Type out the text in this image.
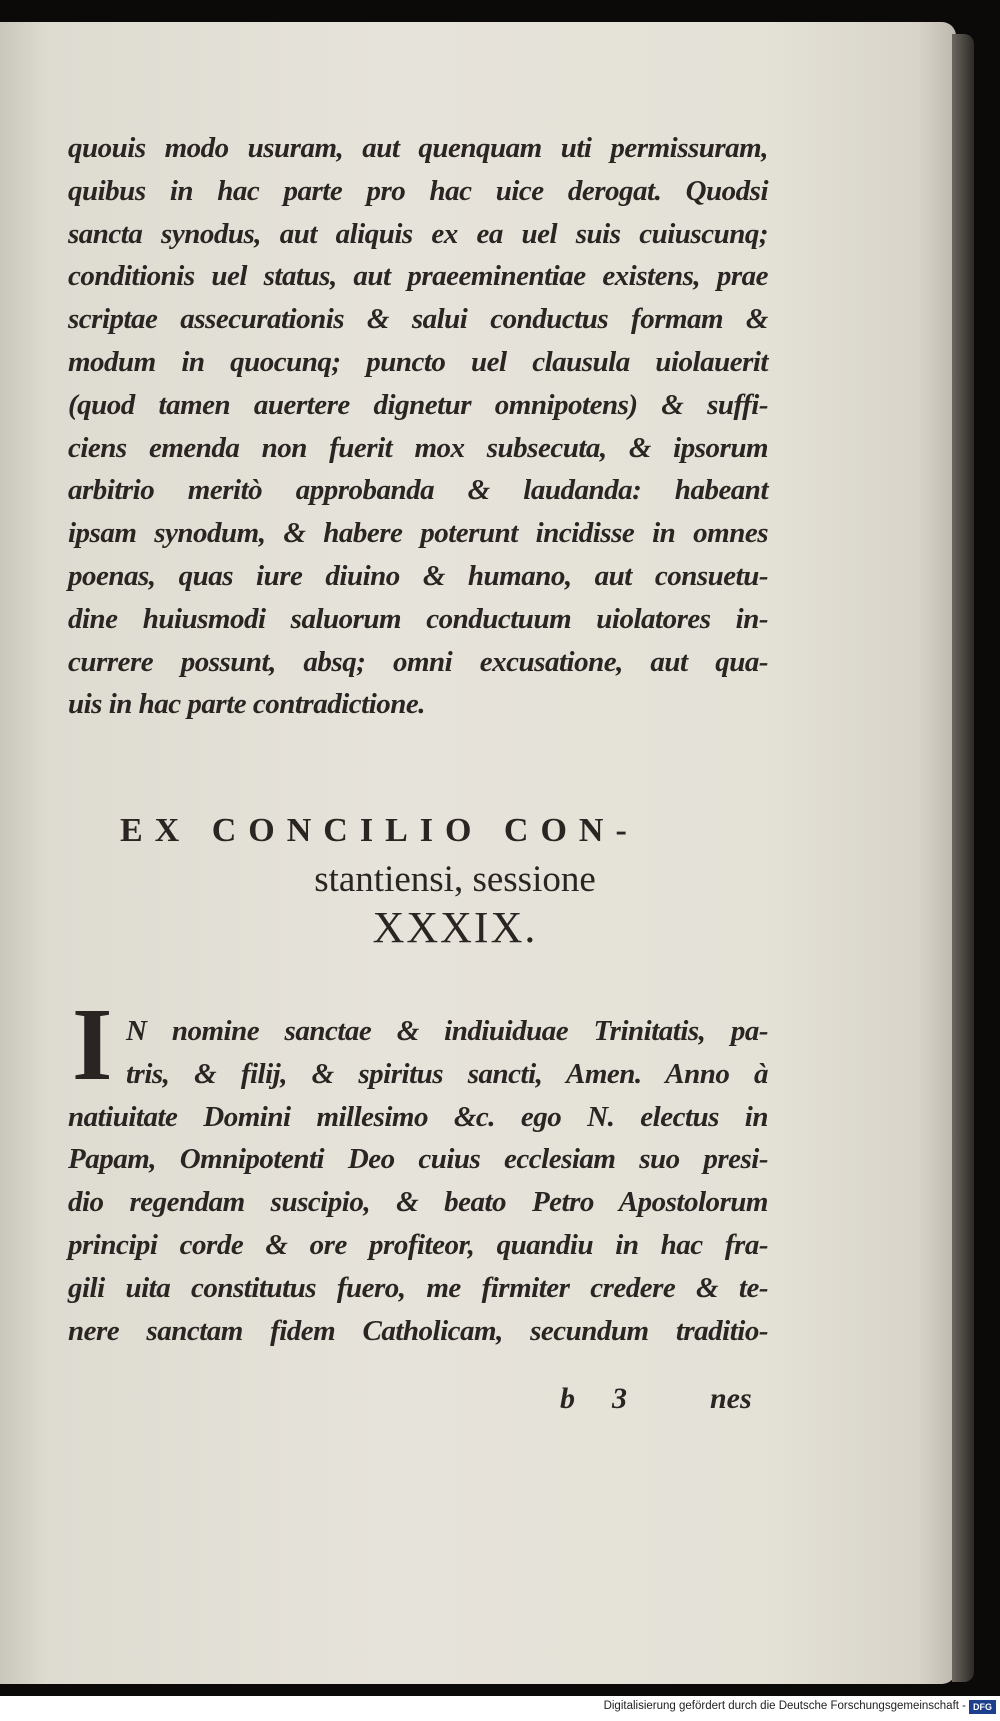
quouis modo usuram, aut quenquam uti permissuram,
quibus in hac parte pro hac uice derogat. Quodsi
sancta synodus, aut aliquis ex ea uel suis cuiuscunq;
conditionis uel status, aut praeeminentiae existens, prae
scriptae assecurationis & salui conductus formam &
modum in quocunq; puncto uel clausula uiolauerit
(quod tamen auertere dignetur omnipotens) & suffi-
ciens emenda non fuerit mox subsecuta, & ipsorum
arbitrio meritò approbanda & laudanda: habeant
ipsam synodum, & habere poterunt incidisse in omnes
poenas, quas iure diuino & humano, aut consuetu-
dine huiusmodi saluorum conductuum uiolatores in-
currere possunt, absq; omni excusatione, aut qua-
uis in hac parte contradictione.
EX CONCILIO CON-
stantiensi, sessione
XXXIX.
I N nomine sanctae & indiuiduae Trinitatis, pa-
tris, & filij, & spiritus sancti, Amen. Anno à
natiuitate Domini millesimo &c. ego N. electus in
Papam, Omnipotenti Deo cuius ecclesiam suo presi-
dio regendam suscipio, & beato Petro Apostolorum
principi corde & ore profiteor, quandiu in hac fra-
gili uita constitutus fuero, me firmiter credere & te-
nere sanctam fidem Catholicam, secundum traditio-
b 3	nes
Digitalisierung gefördert durch die Deutsche Forschungsgemeinschaft - DFG
